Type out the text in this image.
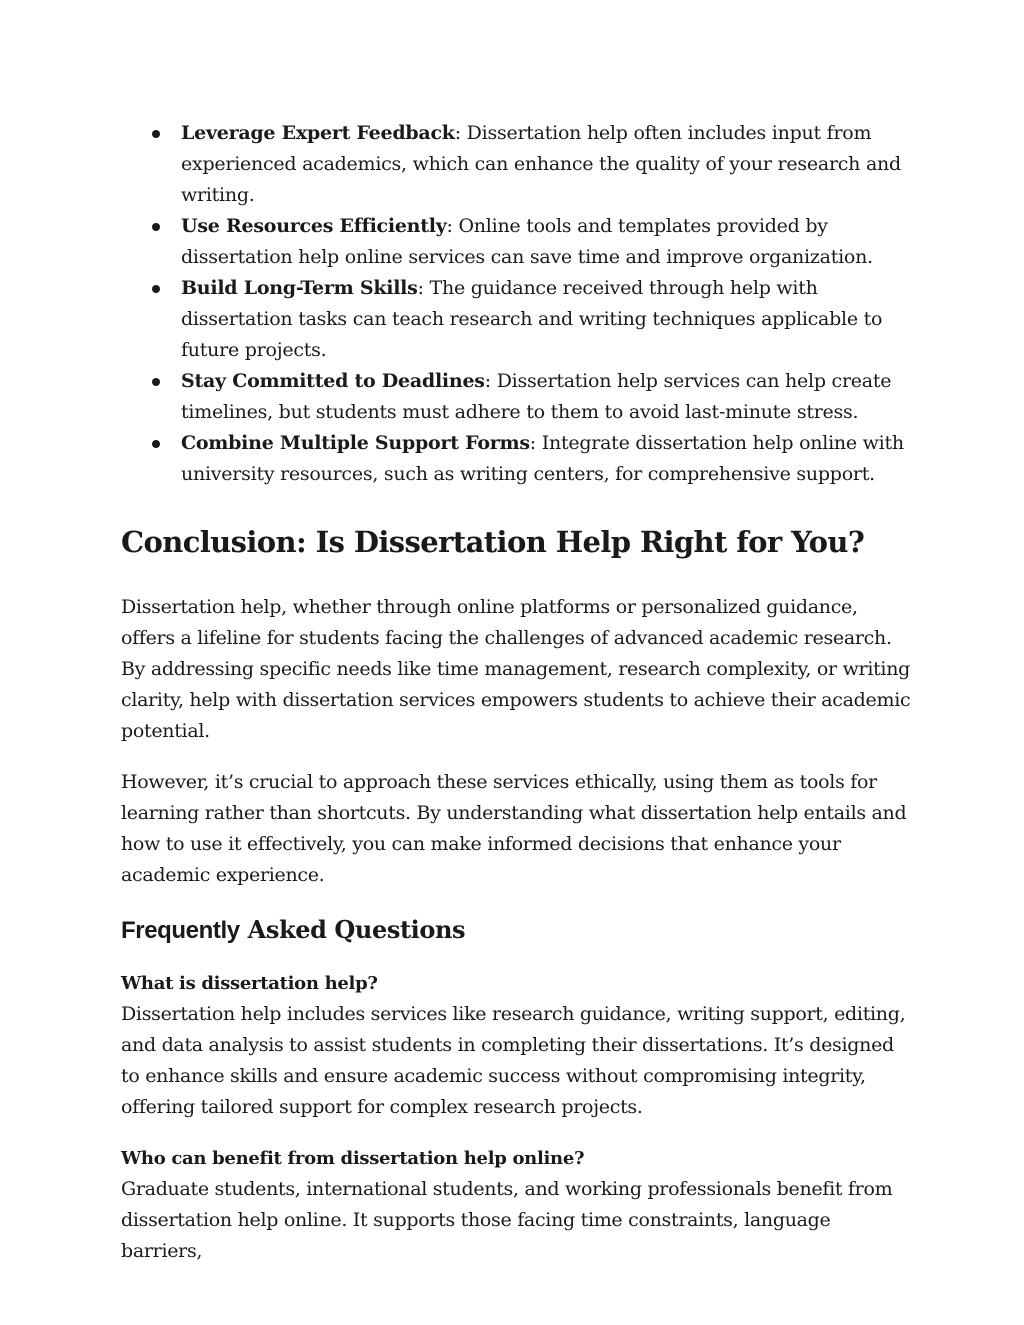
Leverage Expert Feedback: Dissertation help often includes input from experienced academics, which can enhance the quality of your research and writing.
Use Resources Efficiently: Online tools and templates provided by dissertation help online services can save time and improve organization.
Build Long-Term Skills: The guidance received through help with dissertation tasks can teach research and writing techniques applicable to future projects.
Stay Committed to Deadlines: Dissertation help services can help create timelines, but students must adhere to them to avoid last-minute stress.
Combine Multiple Support Forms: Integrate dissertation help online with university resources, such as writing centers, for comprehensive support.
Conclusion: Is Dissertation Help Right for You?

Dissertation help, whether through online platforms or personalized guidance, offers a lifeline for students facing the challenges of advanced academic research. By addressing specific needs like time management, research complexity, or writing clarity, help with dissertation services empowers students to achieve their academic potential.

However, it’s crucial to approach these services ethically, using them as tools for learning rather than shortcuts. By understanding what dissertation help entails and how to use it effectively, you can make informed decisions that enhance your academic experience.

Frequently Asked Questions
What is dissertation help?
Dissertation help includes services like research guidance, writing support, editing, and data analysis to assist students in completing their dissertations. It’s designed to enhance skills and ensure academic success without compromising integrity, offering tailored support for complex research projects.
Who can benefit from dissertation help online?
Graduate students, international students, and working professionals benefit from dissertation help online. It supports those facing time constraints, language barriers,
